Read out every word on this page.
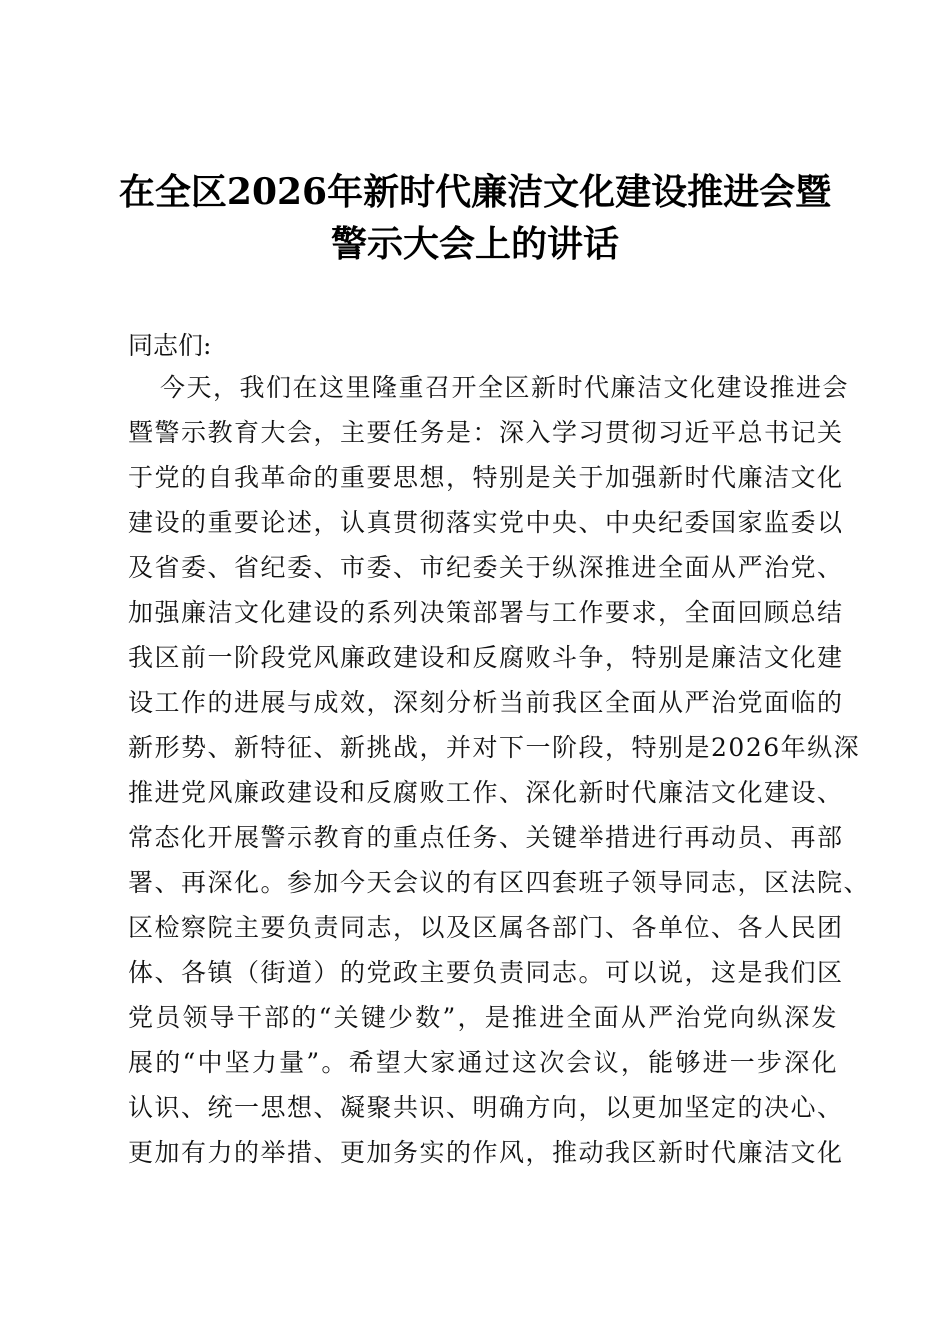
在全区2026年新时代廉洁文化建设推进会暨
警示大会上的讲话
同志们:
今天，我们在这里隆重召开全区新时代廉洁文化建设推进会
暨警示教育大会，主要任务是：深入学习贯彻习近平总书记关
于党的自我革命的重要思想，特别是关于加强新时代廉洁文化
建设的重要论述，认真贯彻落实党中央、中央纪委国家监委以
及省委、省纪委、市委、市纪委关于纵深推进全面从严治党、
加强廉洁文化建设的系列决策部署与工作要求，全面回顾总结
我区前一阶段党风廉政建设和反腐败斗争，特别是廉洁文化建
设工作的进展与成效，深刻分析当前我区全面从严治党面临的
新形势、新特征、新挑战，并对下一阶段，特别是2026年纵深
推进党风廉政建设和反腐败工作、深化新时代廉洁文化建设、
常态化开展警示教育的重点任务、关键举措进行再动员、再部
署、再深化。参加今天会议的有区四套班子领导同志，区法院、
区检察院主要负责同志，以及区属各部门、各单位、各人民团
体、各镇（街道）的党政主要负责同志。可以说，这是我们区
党员领导干部的“关键少数”，是推进全面从严治党向纵深发
展的“中坚力量”。希望大家通过这次会议，能够进一步深化
认识、统一思想、凝聚共识、明确方向，以更加坚定的决心、
更加有力的举措、更加务实的作风，推动我区新时代廉洁文化
